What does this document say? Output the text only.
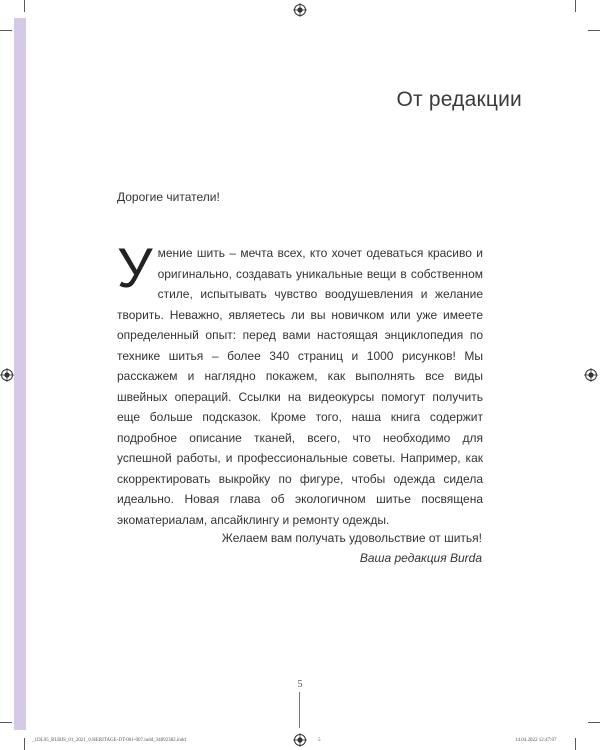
От редакции
Дорогие читатели!
У мение шить – мечта всех, кто хочет одеваться красиво и оригинально, создавать уникальные вещи в собственном стиле, испытывать чувство воодушевления и желание творить. Неважно, являетесь ли вы новичком или уже имеете определенный опыт: перед вами настоящая энциклопедия по технике шитья – более 340 страниц и 1000 рисунков! Мы расскажем и наглядно покажем, как выполнять все виды швейных операций. Ссылки на видеокурсы помогут получить еще больше подсказок. Кроме того, наша книга содержит подробное описание тканей, всего, что необходимо для успешной работы, и профессиональные советы. Например, как скорректировать выкройку по фигуре, чтобы одежда сидела идеально. Новая глава об экологичном шитье посвящена экоматериалам, апсайклингу и ремонту одежды.

Желаем вам получать удовольствие от шитья!

Ваша редакция Burda

5
_1DL05_RUBIS_01_2021_0.HERITAGE-DT-001-007.indd_34892382.indd	5	14.04.2022 12:47:07
